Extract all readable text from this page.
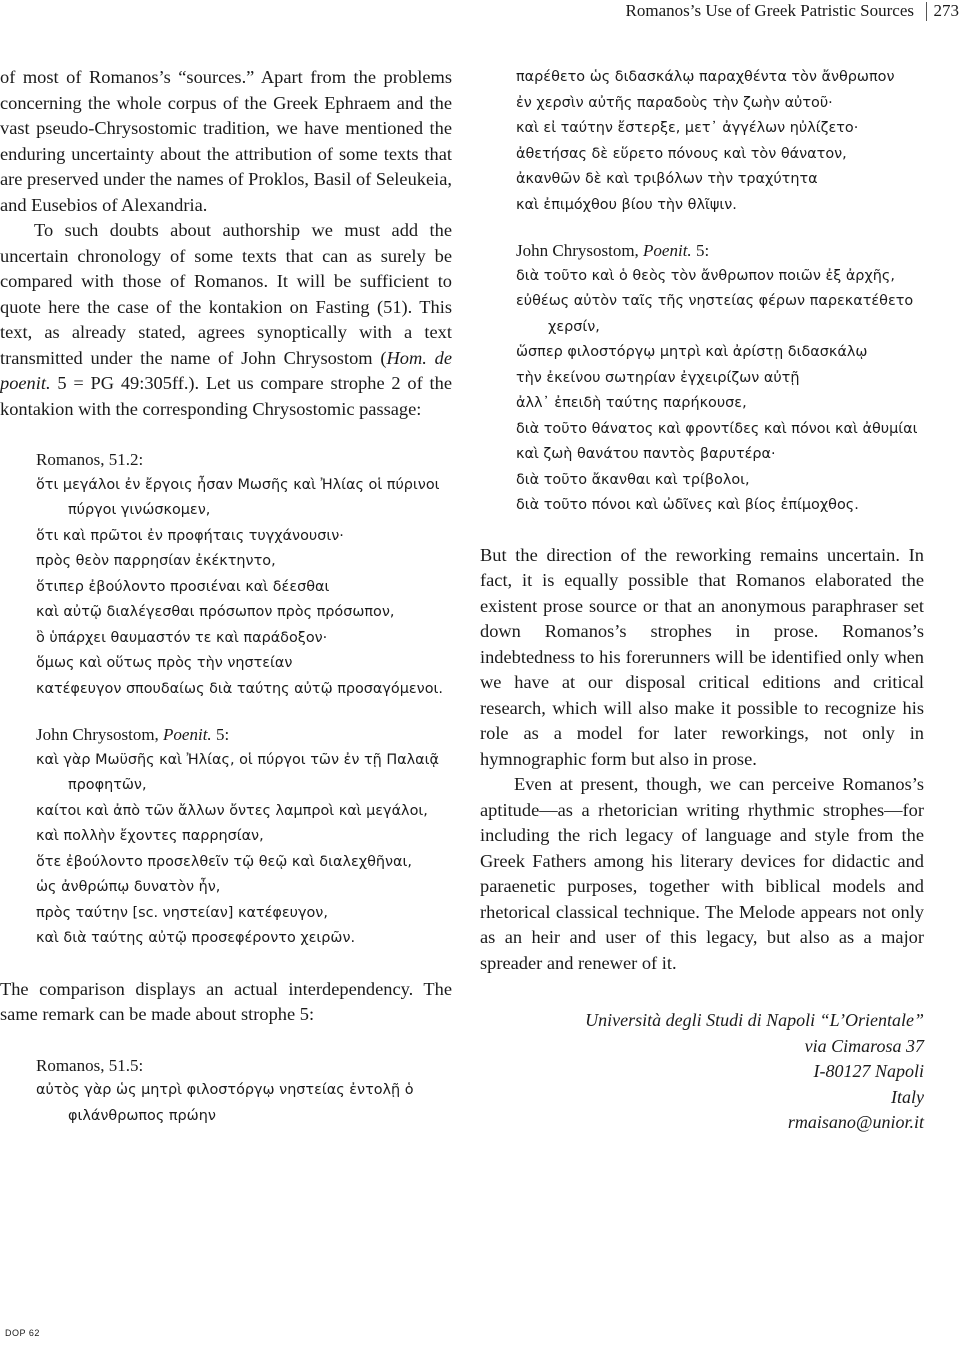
Romanos’s Use of Greek Patristic Sources 273

of most of Romanos’s “sources.” Apart from the problems concerning the whole corpus of the Greek Ephraem and the vast pseudo-Chrysostomic tradition, we have mentioned the enduring uncertainty about the attribution of some texts that are preserved under the names of Proklos, Basil of Seleukeia, and Eusebios of Alexandria.

To such doubts about authorship we must add the uncertain chronology of some texts that can as surely be compared with those of Romanos. It will be sufficient to quote here the case of the kontakion on Fasting (51). This text, as already stated, agrees synoptically with a text transmitted under the name of John Chrysostom (Hom. de poenit. 5 = PG 49:305ff.). Let us compare strophe 2 of the kontakion with the corresponding Chrysostomic passage:

Romanos, 51.2:
ὅτι μεγάλοι ἐν ἔργοις ἦσαν Μωσῆς καὶ Ἠλίας οἱ πύρινοι
πύργοι γινώσκομεν,
ὅτι καὶ πρῶτοι ἐν προφήταις τυγχάνουσιν·
πρὸς θεὸν παρρησίαν ἐκέκτηντο,
ὅτιπερ ἐβούλοντο προσιέναι καὶ δέεσθαι
καὶ αὐτῷ διαλέγεσθαι πρόσωπον πρὸς πρόσωπον,
ὃ ὑπάρχει θαυμαστόν τε καὶ παράδοξον·
ὅμως καὶ οὕτως πρὸς τὴν νηστείαν
κατέφευγον σπουδαίως διὰ ταύτης αὐτῷ προσαγόμενοι.
John Chrysostom, Poenit. 5:
καὶ γὰρ Μωϋσῆς καὶ Ἠλίας, οἱ πύργοι τῶν ἐν τῇ Παλαιᾷ
προφητῶν,
καίτοι καὶ ἀπὸ τῶν ἄλλων ὄντες λαμπροὶ καὶ μεγάλοι,
καὶ πολλὴν ἔχοντες παρρησίαν,
ὅτε ἐβούλοντο προσελθεῖν τῷ θεῷ καὶ διαλεχθῆναι,
ὡς ἀνθρώπῳ δυνατὸν ἦν,
πρὸς ταύτην [sc. νηστείαν] κατέφευγον,
καὶ διὰ ταύτης αὐτῷ προσεφέροντο χειρῶν.

The comparison displays an actual interdependency. The same remark can be made about strophe 5:

Romanos, 51.5:
αὐτὸς γὰρ ὡς μητρὶ φιλοστόργῳ νηστείας ἐντολῇ ὁ
φιλάνθρωπος πρώην
παρέθετο ὡς διδασκάλῳ παραχθέντα τὸν ἄνθρωπον
ἐν χερσὶν αὐτῆς παραδοὺς τὴν ζωὴν αὐτοῦ·
καὶ εἰ ταύτην ἔστερξε, μετ᾽ ἀγγέλων ηὐλίζετο·
ἀθετήσας δὲ εὕρετο πόνους καὶ τὸν θάνατον,
ἀκανθῶν δὲ καὶ τριβόλων τὴν τραχύτητα
καὶ ἐπιμόχθου βίου τὴν θλῖψιν.
John Chrysostom, Poenit. 5:
διὰ τοῦτο καὶ ὁ θεὸς τὸν ἄνθρωπον ποιῶν ἐξ ἀρχῆς,
εὐθέως αὐτὸν ταῖς τῆς νηστείας φέρων παρεκατέθετο
χερσίν,
ὥσπερ φιλοστόργῳ μητρὶ καὶ ἀρίστῃ διδασκάλῳ
τὴν ἐκείνου σωτηρίαν ἐγχειρίζων αὐτῇ
ἀλλ᾽ ἐπειδὴ ταύτης παρήκουσε,
διὰ τοῦτο θάνατος καὶ φροντίδες καὶ πόνοι καὶ ἀθυμίαι
καὶ ζωὴ θανάτου παντὸς βαρυτέρα·
διὰ τοῦτο ἄκανθαι καὶ τρίβολοι,
διὰ τοῦτο πόνοι καὶ ὠδῖνες καὶ βίος ἐπίμοχθος.

But the direction of the reworking remains uncertain. In fact, it is equally possible that Romanos elaborated the existent prose source or that an anonymous paraphraser set down Romanos’s strophes in prose. Romanos’s indebtedness to his forerunners will be identified only when we have at our disposal critical editions and critical research, which will also make it possible to recognize his role as a model for later reworkings, not only in hymnographic form but also in prose.

Even at present, though, we can perceive Romanos’s aptitude—as a rhetorician writing rhythmic strophes—for including the rich legacy of language and style from the Greek Fathers among his literary devices for didactic and paraenetic purposes, together with biblical models and rhetorical classical technique. The Melode appears not only as an heir and user of this legacy, but also as a major spreader and renewer of it.

Università degli Studi di Napoli “L’Orientale”
via Cimarosa 37
I-80127 Napoli
Italy
rmaisano@unior.it
DOP 62
